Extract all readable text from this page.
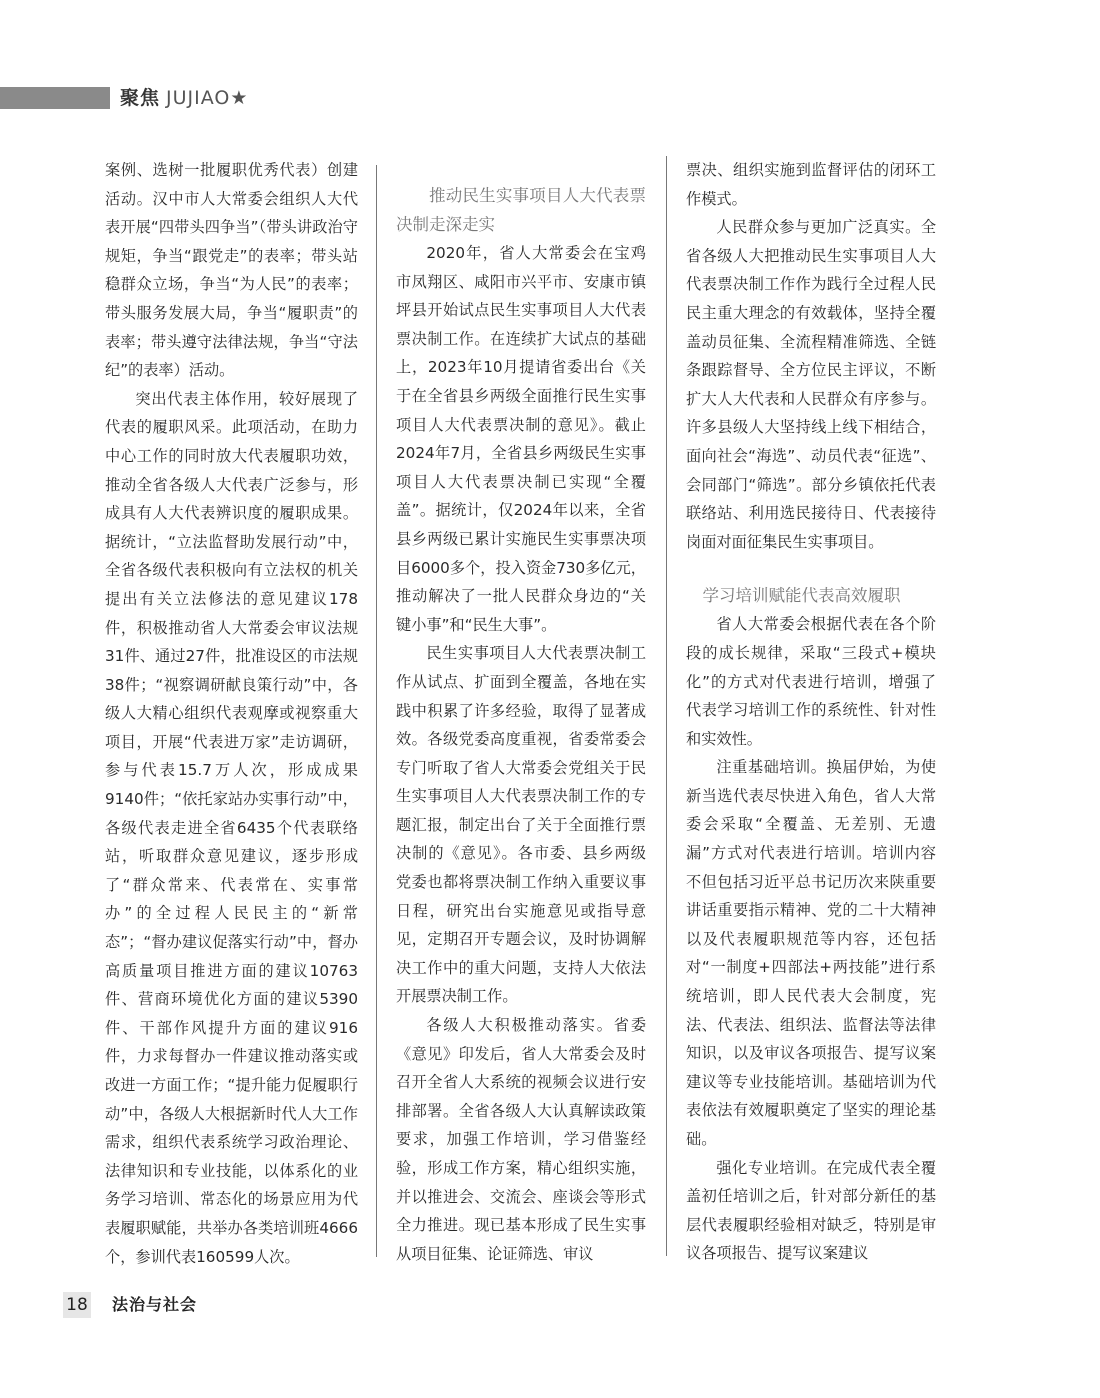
聚焦 JUJIAO★

案例、选树一批履职优秀代表）创建活动。汉中市人大常委会组织人大代表开展“四带头四争当”（带头讲政治守规矩，争当“跟党走”的表率；带头站稳群众立场，争当“为人民”的表率；带头服务发展大局，争当“履职责”的表率；带头遵守法律法规，争当“守法纪”的表率）活动。

突出代表主体作用，较好展现了代表的履职风采。此项活动，在助力中心工作的同时放大代表履职功效，推动全省各级人大代表广泛参与，形成具有人大代表辨识度的履职成果。据统计，“立法监督助发展行动”中，全省各级代表积极向有立法权的机关提出有关立法修法的意见建议178件，积极推动省人大常委会审议法规31件、通过27件，批准设区的市法规38件；“视察调研献良策行动”中，各级人大精心组织代表观摩或视察重大项目，开展“代表进万家”走访调研，参与代表15.7万人次，形成成果9140件；“依托家站办实事行动”中，各级代表走进全省6435个代表联络站，听取群众意见建议，逐步形成了“群众常来、代表常在、实事常办”的全过程人民民主的“新常态”；“督办建议促落实行动”中，督办高质量项目推进方面的建议10763件、营商环境优化方面的建议5390件、干部作风提升方面的建议916件，力求每督办一件建议推动落实或改进一方面工作；“提升能力促履职行动”中，各级人大根据新时代人大工作需求，组织代表系统学习政治理论、法律知识和专业技能，以体系化的业务学习培训、常态化的场景应用为代表履职赋能，共举办各类培训班4666个，参训代表160599人次。

推动民生实事项目人大代表票决制走深走实

2020年，省人大常委会在宝鸡市凤翔区、咸阳市兴平市、安康市镇坪县开始试点民生实事项目人大代表票决制工作。在连续扩大试点的基础上，2023年10月提请省委出台《关于在全省县乡两级全面推行民生实事项目人大代表票决制的意见》。截止2024年7月，全省县乡两级民生实事项目人大代表票决制已实现“全覆盖”。据统计，仅2024年以来，全省县乡两级已累计实施民生实事票决项目6000多个，投入资金730多亿元，推动解决了一批人民群众身边的“关键小事”和“民生大事”。

民生实事项目人大代表票决制工作从试点、扩面到全覆盖，各地在实践中积累了许多经验，取得了显著成效。各级党委高度重视，省委常委会专门听取了省人大常委会党组关于民生实事项目人大代表票决制工作的专题汇报，制定出台了关于全面推行票决制的《意见》。各市委、县乡两级党委也都将票决制工作纳入重要议事日程，研究出台实施意见或指导意见，定期召开专题会议，及时协调解决工作中的重大问题，支持人大依法开展票决制工作。

各级人大积极推动落实。省委《意见》印发后，省人大常委会及时召开全省人大系统的视频会议进行安排部署。全省各级人大认真解读政策要求，加强工作培训，学习借鉴经验，形成工作方案，精心组织实施，并以推进会、交流会、座谈会等形式全力推进。现已基本形成了民生实事从项目征集、论证筛选、审议

票决、组织实施到监督评估的闭环工作模式。

人民群众参与更加广泛真实。全省各级人大把推动民生实事项目人大代表票决制工作作为践行全过程人民民主重大理念的有效载体，坚持全覆盖动员征集、全流程精准筛选、全链条跟踪督导、全方位民主评议，不断扩大人大代表和人民群众有序参与。许多县级人大坚持线上线下相结合，面向社会“海选”、动员代表“征选”、会同部门“筛选”。部分乡镇依托代表联络站、利用选民接待日、代表接待岗面对面征集民生实事项目。

学习培训赋能代表高效履职

省人大常委会根据代表在各个阶段的成长规律，采取“三段式+模块化”的方式对代表进行培训，增强了代表学习培训工作的系统性、针对性和实效性。

注重基础培训。换届伊始，为使新当选代表尽快进入角色，省人大常委会采取“全覆盖、无差别、无遗漏”方式对代表进行培训。培训内容不但包括习近平总书记历次来陕重要讲话重要指示精神、党的二十大精神以及代表履职规范等内容，还包括对“一制度+四部法+两技能”进行系统培训，即人民代表大会制度，宪法、代表法、组织法、监督法等法律知识，以及审议各项报告、提写议案建议等专业技能培训。基础培训为代表依法有效履职奠定了坚实的理论基础。

强化专业培训。在完成代表全覆盖初任培训之后，针对部分新任的基层代表履职经验相对缺乏，特别是审议各项报告、提写议案建议

18 法治与社会
